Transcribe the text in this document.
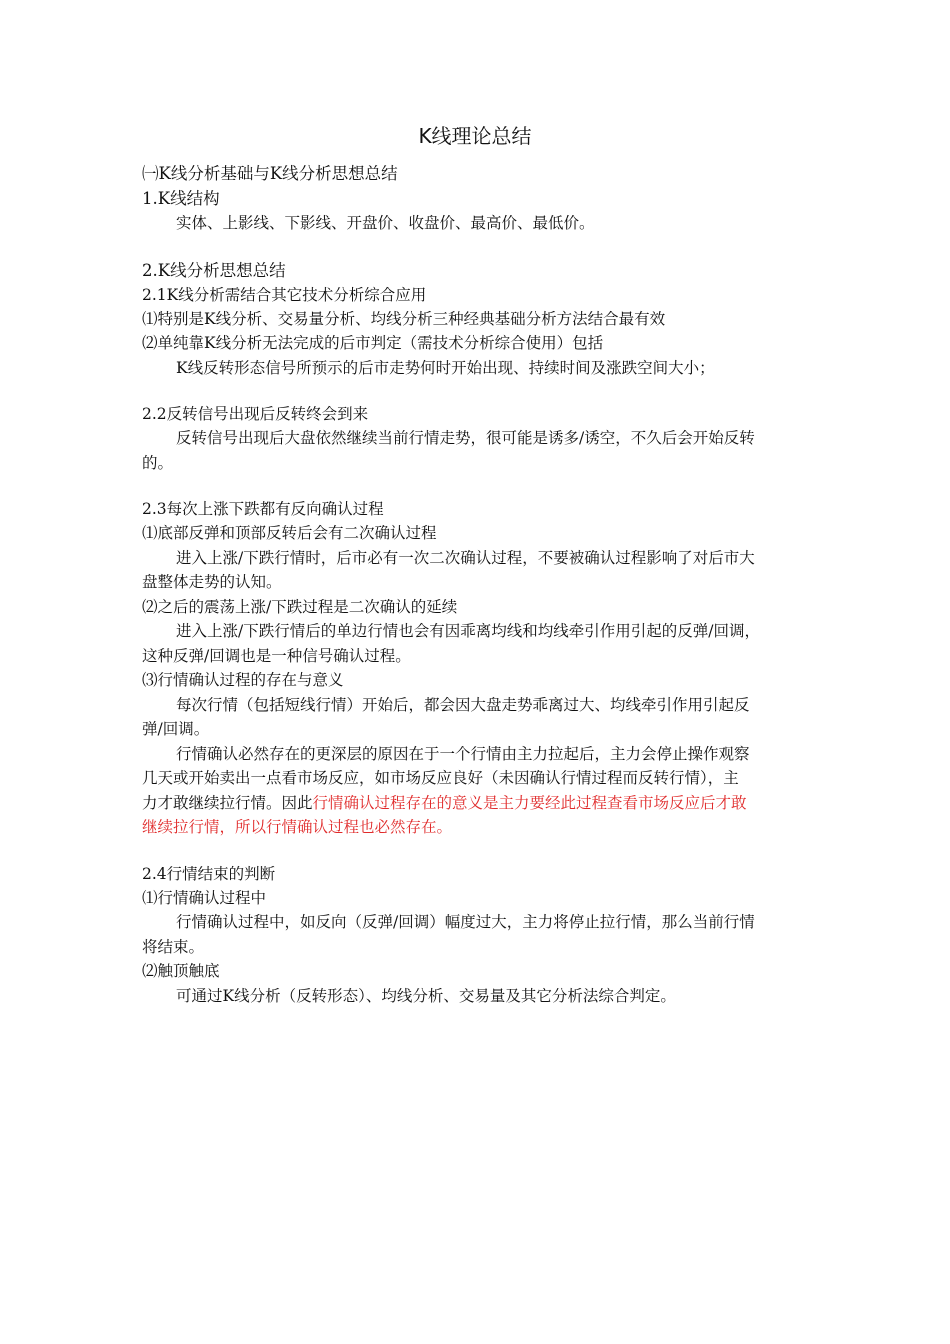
K线理论总结

㈠K线分析基础与K线分析思想总结

1.K线结构

实体、上影线、下影线、开盘价、收盘价、最高价、最低价。

2.K线分析思想总结

2.1K线分析需结合其它技术分析综合应用

⑴特别是K线分析、交易量分析、均线分析三种经典基础分析方法结合最有效

⑵单纯靠K线分析无法完成的后市判定（需技术分析综合使用）包括

K线反转形态信号所预示的后市走势何时开始出现、持续时间及涨跌空间大小；

2.2反转信号出现后反转终会到来

反转信号出现后大盘依然继续当前行情走势，很可能是诱多/诱空，不久后会开始反转

的。

2.3每次上涨下跌都有反向确认过程

⑴底部反弹和顶部反转后会有二次确认过程

进入上涨/下跌行情时，后市必有一次二次确认过程，不要被确认过程影响了对后市大

盘整体走势的认知。

⑵之后的震荡上涨/下跌过程是二次确认的延续

进入上涨/下跌行情后的单边行情也会有因乖离均线和均线牵引作用引起的反弹/回调，

这种反弹/回调也是一种信号确认过程。

⑶行情确认过程的存在与意义

每次行情（包括短线行情）开始后，都会因大盘走势乖离过大、均线牵引作用引起反

弹/回调。

行情确认必然存在的更深层的原因在于一个行情由主力拉起后，主力会停止操作观察

几天或开始卖出一点看市场反应，如市场反应良好（未因确认行情过程而反转行情），主

力才敢继续拉行情。因此行情确认过程存在的意义是主力要经此过程查看市场反应后才敢

继续拉行情，所以行情确认过程也必然存在。

2.4行情结束的判断

⑴行情确认过程中

行情确认过程中，如反向（反弹/回调）幅度过大，主力将停止拉行情，那么当前行情

将结束。

⑵触顶触底

可通过K线分析（反转形态）、均线分析、交易量及其它分析法综合判定。
